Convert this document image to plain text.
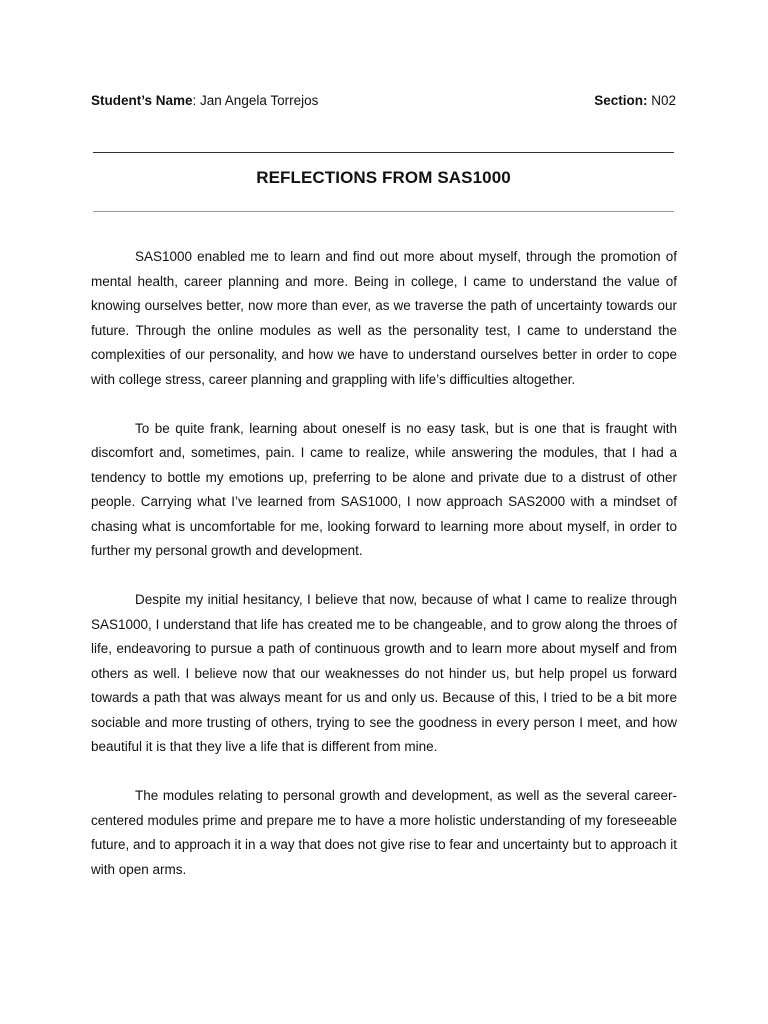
Student’s Name: Jan Angela Torrejos	Section: N02
REFLECTIONS FROM SAS1000

SAS1000 enabled me to learn and find out more about myself, through the promotion of mental health, career planning and more. Being in college, I came to understand the value of knowing ourselves better, now more than ever, as we traverse the path of uncertainty towards our future. Through the online modules as well as the personality test, I came to understand the complexities of our personality, and how we have to understand ourselves better in order to cope with college stress, career planning and grappling with life’s difficulties altogether.

To be quite frank, learning about oneself is no easy task, but is one that is fraught with discomfort and, sometimes, pain. I came to realize, while answering the modules, that I had a tendency to bottle my emotions up, preferring to be alone and private due to a distrust of other people. Carrying what I’ve learned from SAS1000, I now approach SAS2000 with a mindset of chasing what is uncomfortable for me, looking forward to learning more about myself, in order to further my personal growth and development.

Despite my initial hesitancy, I believe that now, because of what I came to realize through SAS1000, I understand that life has created me to be changeable, and to grow along the throes of life, endeavoring to pursue a path of continuous growth and to learn more about myself and from others as well. I believe now that our weaknesses do not hinder us, but help propel us forward towards a path that was always meant for us and only us. Because of this, I tried to be a bit more sociable and more trusting of others, trying to see the goodness in every person I meet, and how beautiful it is that they live a life that is different from mine.

The modules relating to personal growth and development, as well as the several career-centered modules prime and prepare me to have a more holistic understanding of my foreseeable future, and to approach it in a way that does not give rise to fear and uncertainty but to approach it with open arms.
